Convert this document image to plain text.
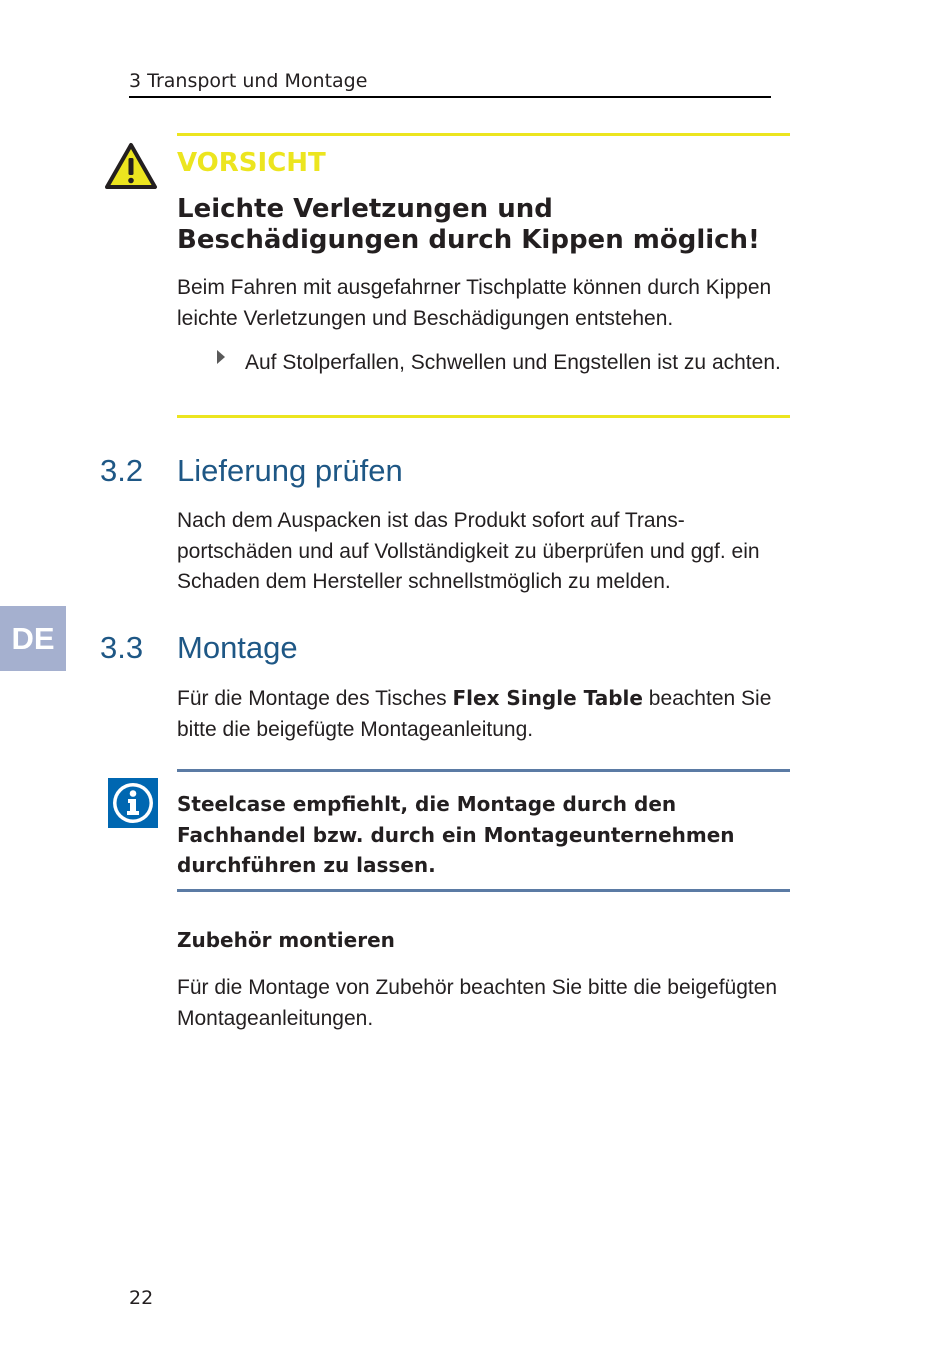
3 Transport und Montage
VORSICHT
Leichte Verletzungen und Beschädigungen durch Kippen möglich!
Beim Fahren mit ausgefahrner Tischplatte können durch Kippen leichte Verletzungen und Beschädigungen entstehen.
Auf Stolperfallen, Schwellen und Engstellen ist zu achten.
3.2 Lieferung prüfen
Nach dem Auspacken ist das Produkt sofort auf Transportschäden und auf Vollständigkeit zu überprüfen und ggf. ein Schaden dem Hersteller schnellstmöglich zu melden.
DE	3.3 Montage
Für die Montage des Tisches Flex Single Table beachten Sie bitte die beigefügte Montageanleitung.
Steelcase empfiehlt, die Montage durch den Fachhandel bzw. durch ein Montageunternehmen durchführen zu lassen.
Zubehör montieren
Für die Montage von Zubehör beachten Sie bitte die beigefügten Montageanleitungen.
22
